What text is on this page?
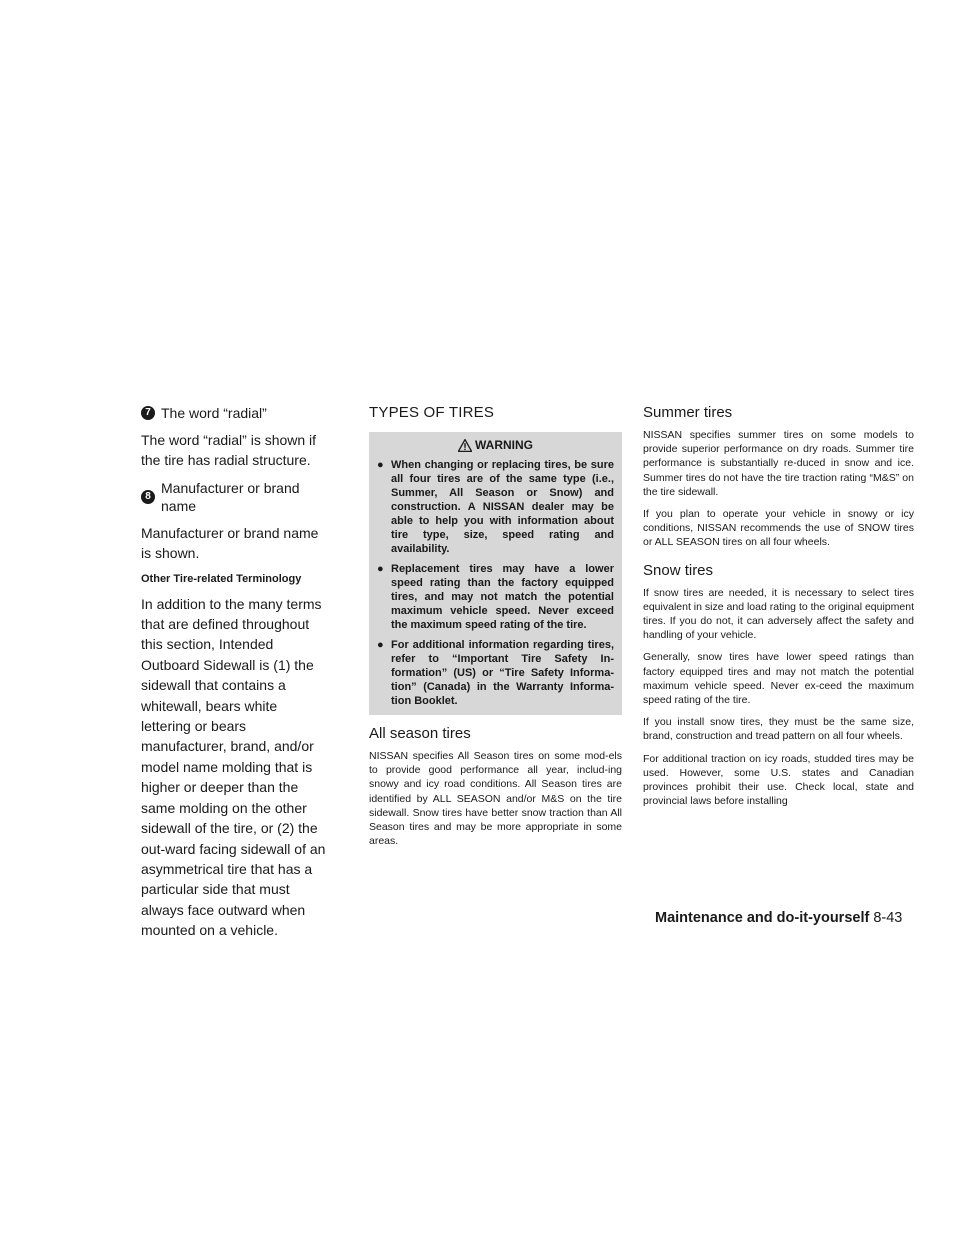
7 The word “radial”

The word “radial” is shown if the tire has radial structure.

8
Manufacturer or brand name

Manufacturer or brand name is shown.

Other Tire-related Terminology

In addition to the many terms that are defined throughout this section, Intended Outboard Sidewall is (1) the sidewall that contains a whitewall, bears white lettering or bears manufacturer, brand, and/or model name molding that is higher or deeper than the same molding on the other sidewall of the tire, or (2) the out-ward facing sidewall of an asymmetrical tire that has a particular side that must always face outward when mounted on a vehicle.

TYPES OF TIRES
WARNING
● When changing or replacing tires, be sure all four tires are of the same type (i.e., Summer, All Season or Snow) and construction. A NISSAN dealer may be able to help you with information about tire type, size, speed rating and availability.
● Replacement tires may have a lower speed rating than the factory equipped tires, and may not match the potential maximum vehicle speed. Never exceed the maximum speed rating of the tire.
● For additional information regarding tires, refer to “Important Tire Safety In-formation” (US) or “Tire Safety Informa-tion” (Canada) in the Warranty Informa-tion Booklet.
All season tires

NISSAN specifies All Season tires on some mod-els to provide good performance all year, includ-ing snowy and icy road conditions. All Season tires are identified by ALL SEASON and/or M&S on the tire sidewall. Snow tires have better snow traction than All Season tires and may be more appropriate in some areas.

Summer tires

NISSAN specifies summer tires on some models to provide superior performance on dry roads. Summer tire performance is substantially re-duced in snow and ice. Summer tires do not have the tire traction rating “M&S” on the tire sidewall.

If you plan to operate your vehicle in snowy or icy conditions, NISSAN recommends the use of SNOW tires or ALL SEASON tires on all four wheels.

Snow tires

If snow tires are needed, it is necessary to select tires equivalent in size and load rating to the original equipment tires. If you do not, it can adversely affect the safety and handling of your vehicle.

Generally, snow tires have lower speed ratings than factory equipped tires and may not match the potential maximum vehicle speed. Never ex-ceed the maximum speed rating of the tire.

If you install snow tires, they must be the same size, brand, construction and tread pattern on all four wheels.

For additional traction on icy roads, studded tires may be used. However, some U.S. states and Canadian provinces prohibit their use. Check local, state and provincial laws before installing

Maintenance and do-it-yourself 8-43
